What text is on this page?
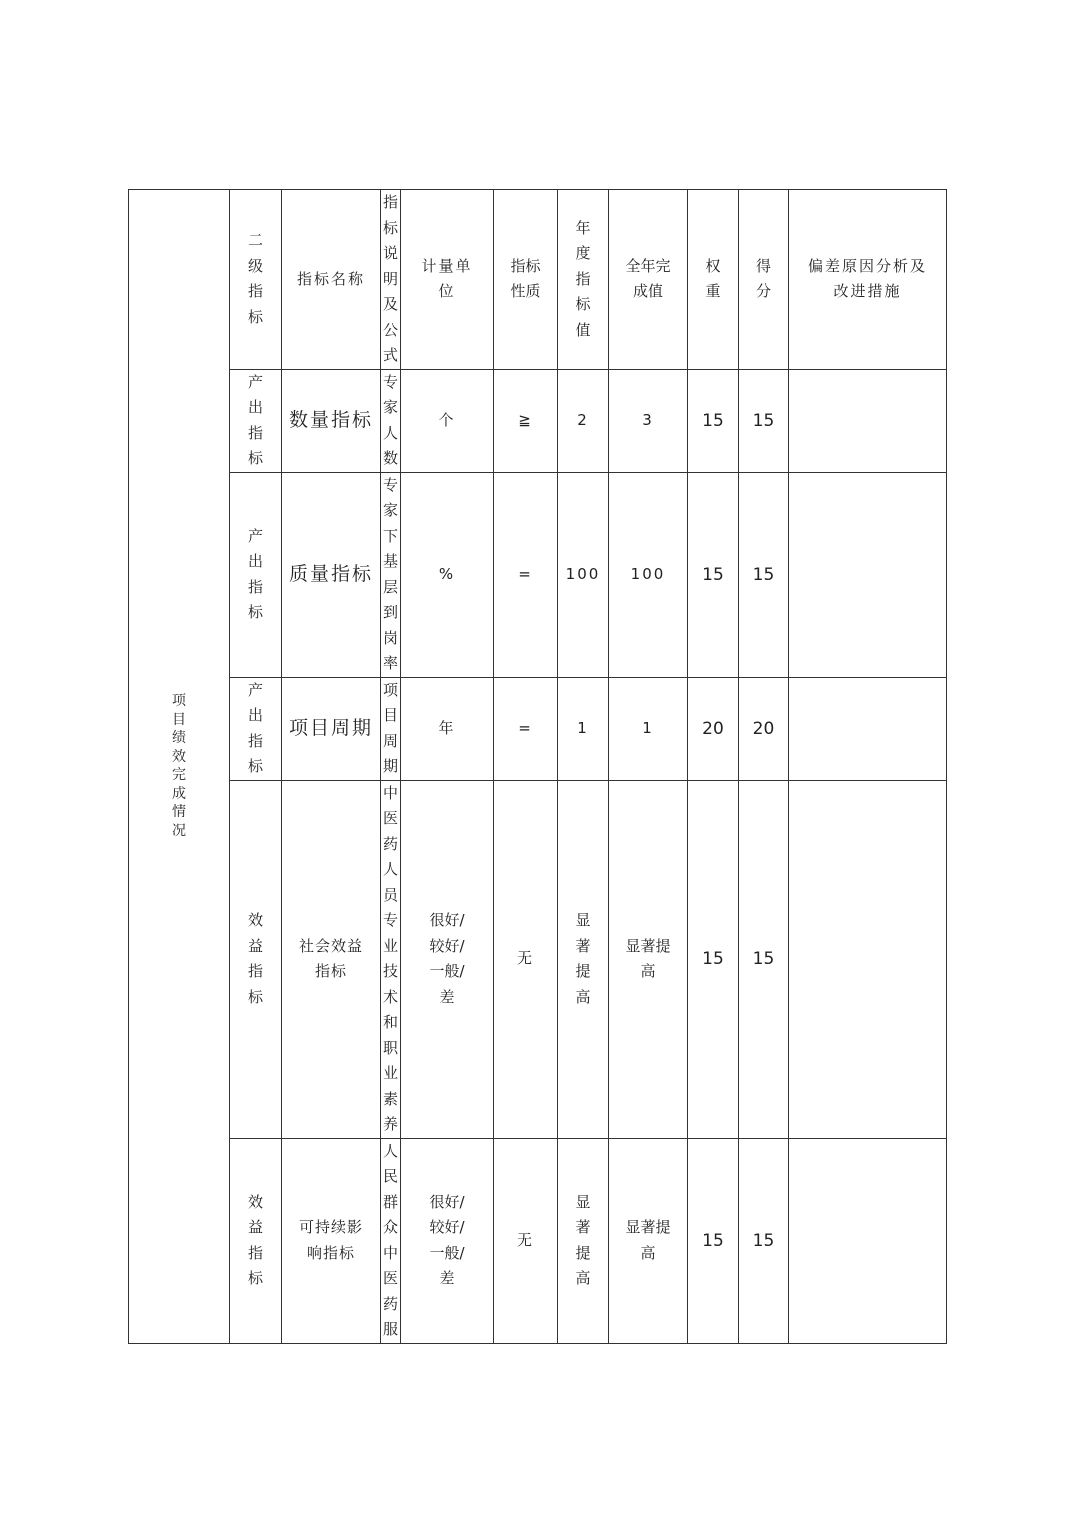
项目绩效完成情况	二级指标	指标名称	指标说明及公式	计量单位	指标性质	年度指标值	全年完成值	权重	得分	偏差原因分析及改进措施
	产出指标	数量指标	专家人数	个	≧	2	3	15	15	
	产出指标	质量指标	专家下基层到岗率	%	=	100	100	15	15	
	产出指标	项目周期	项目周期	年	=	1	1	20	20	
	效益指标	社会效益指标	中医药人员专业技术和职业素养	很好/较好/一般/差	无	显著提高	显著提高	15	15	
	效益指标	可持续影响指标	人民群众中医药服	很好/较好/一般/差	无	显著提高	显著提高	15	15	
